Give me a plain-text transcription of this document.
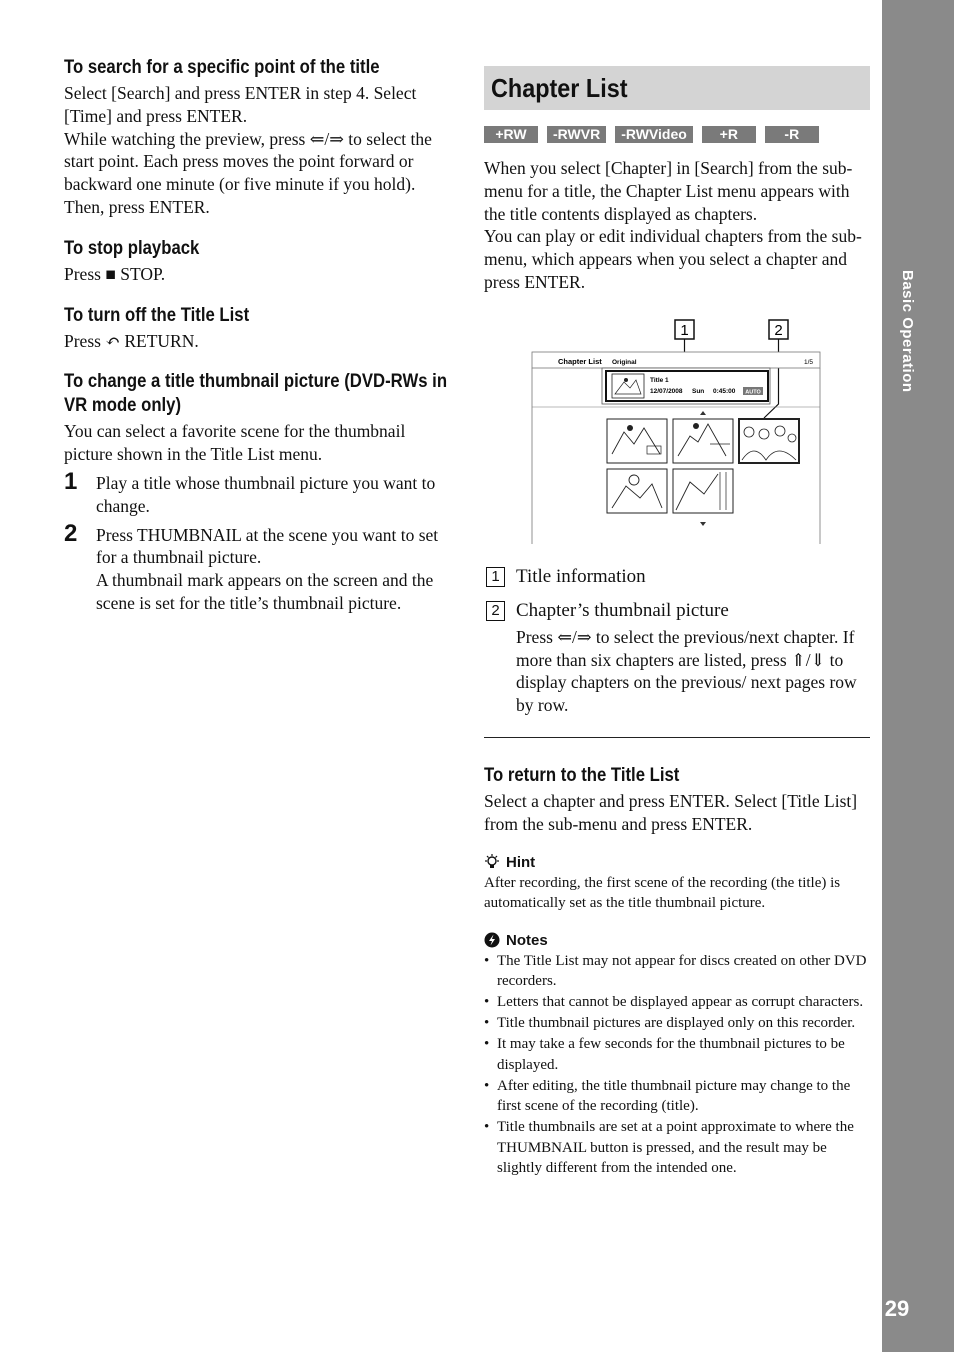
Basic Operation
29
To search for a specific point of the title

Select [Search] and press ENTER in step 4. Select [Time] and press ENTER.

While watching the preview, press ⇐/⇒ to select the start point. Each press moves the point forward or backward one minute (or five minute if you hold). Then, press ENTER.

To stop playback

Press ■ STOP.

To turn off the Title List

Press ↶ RETURN.

To change a title thumbnail picture (DVD-RWs in VR mode only)

You can select a favorite scene for the thumbnail picture shown in the Title List menu.

1 Play a title whose thumbnail picture you want to change.

2 Press THUMBNAIL at the scene you want to set for a thumbnail picture.

A thumbnail mark appears on the screen and the scene is set for the title’s thumbnail picture.

Chapter List
+RW	-RWVR	-RWVideo	+R	-R

When you select [Chapter] in [Search] from the sub-menu for a title, the Chapter List menu appears with the title contents displayed as chapters.

You can play or edit individual chapters from the sub-menu, which appears when you select a chapter and press ENTER.

1	2
Chapter List Original	1/5
Title 1
12/07/2008 Sun 0:45:00 AUTO
1 Title information
2 Chapter’s thumbnail picture

Press ⇐/⇒ to select the previous/next chapter. If more than six chapters are listed, press ⇑/⇓ to display chapters on the previous/ next pages row by row.

To return to the Title List

Select a chapter and press ENTER. Select [Title List] from the sub-menu and press ENTER.

Hint

After recording, the first scene of the recording (the title) is automatically set as the title thumbnail picture.

Notes
• The Title List may not appear for discs created on other DVD recorders.
• Letters that cannot be displayed appear as corrupt characters.
• Title thumbnail pictures are displayed only on this recorder.
• It may take a few seconds for the thumbnail pictures to be displayed.
• After editing, the title thumbnail picture may change to the first scene of the recording (title).
• Title thumbnails are set at a point approximate to where the THUMBNAIL button is pressed, and the result may be slightly different from the intended one.
